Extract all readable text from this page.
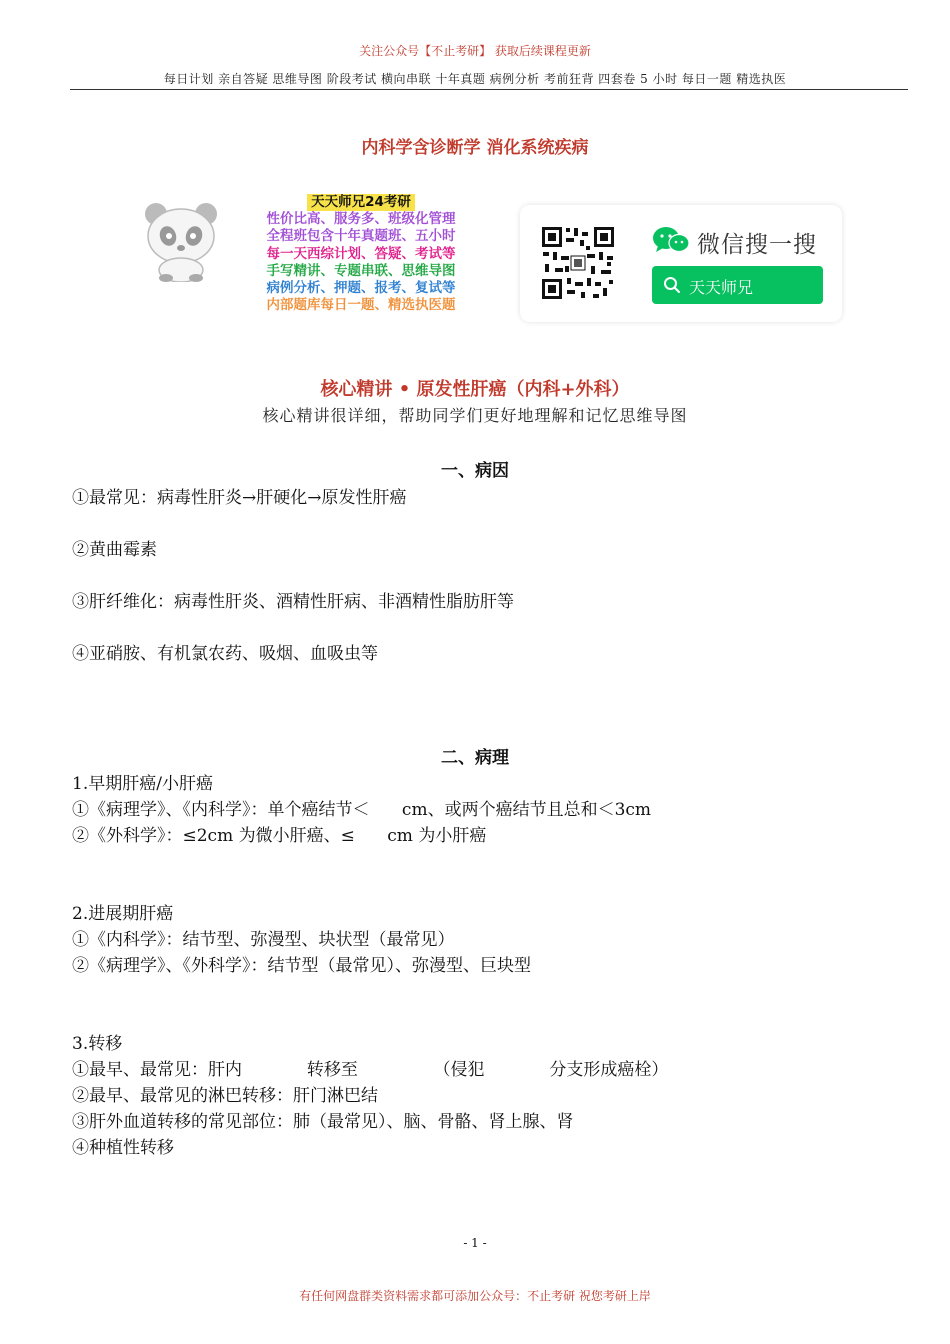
关注公众号【不止考研】 获取后续课程更新
每日计划 亲自答疑 思维导图 阶段考试 横向串联 十年真题 病例分析 考前狂背 四套卷 5 小时 每日一题 精选执医
内科学含诊断学 消化系统疾病
天天师兄24考研
性价比高、服务多、班级化管理
全程班包含十年真题班、五小时
每一天西综计划、答疑、考试等
手写精讲、专题串联、思维导图
病例分析、押题、报考、复试等
内部题库每日一题、精选执医题
微信搜一搜
天天师兄
核心精讲 • 原发性肝癌（内科+外科）
核心精讲很详细，帮助同学们更好地理解和记忆思维导图
一、病因
①最常见：病毒性肝炎→肝硬化→原发性肝癌
②黄曲霉素
③肝纤维化：病毒性肝炎、酒精性肝病、非酒精性脂肪肝等
④亚硝胺、有机氯农药、吸烟、血吸虫等
二、病理
1.早期肝癌/小肝癌
①《病理学》、《内科学》：单个癌结节＜      cm、或两个癌结节且总和＜3cm
②《外科学》：≤2cm 为微小肝癌、≤      cm 为小肝癌
2.进展期肝癌
①《内科学》：结节型、弥漫型、块状型（最常见）
②《病理学》、《外科学》：结节型（最常见）、弥漫型、巨块型
3.转移
①最早、最常见：肝内            转移至              （侵犯            分支形成癌栓）
②最早、最常见的淋巴转移：肝门淋巴结
③肝外血道转移的常见部位：肺（最常见）、脑、骨骼、肾上腺、肾
④种植性转移
- 1 -
有任何网盘群类资料需求都可添加公众号：不止考研 祝您考研上岸
